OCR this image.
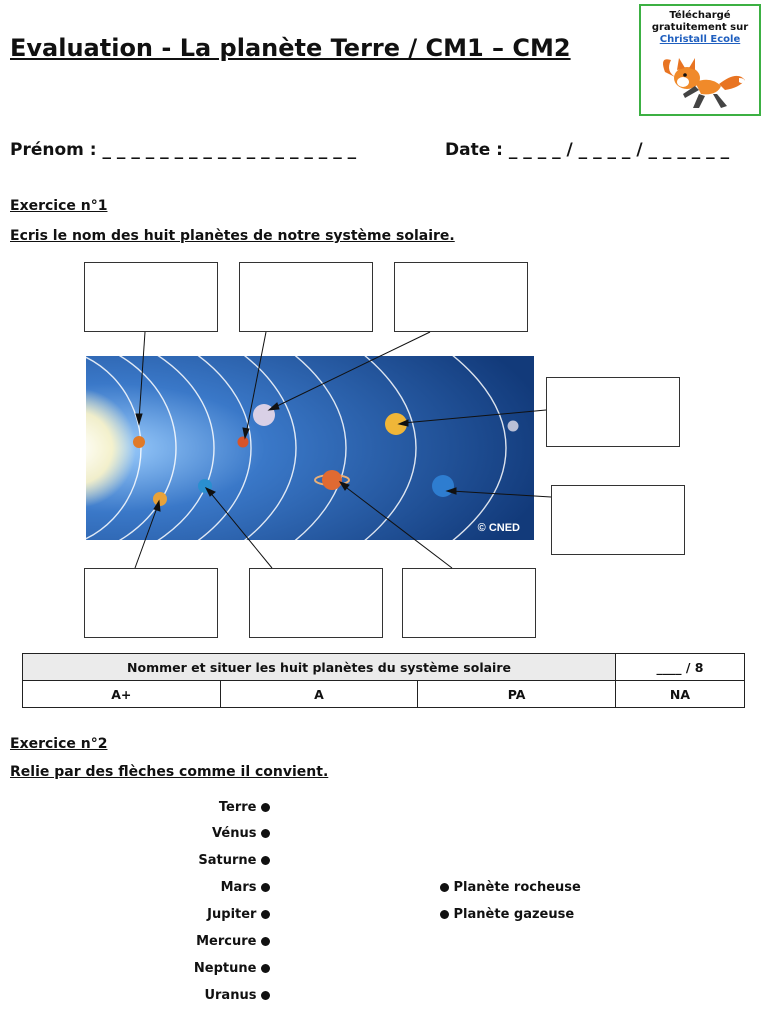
Evaluation - La planète Terre / CM1 – CM2
Téléchargé
gratuitement sur
Christall Ecole
Prénom : _ _ _ _ _ _ _ _ _ _ _ _ _ _ _ _ _ _	Date : _ _ _ _ / _ _ _ _ / _ _ _ _ _ _
Exercice n°1
Ecris le nom des huit planètes de notre système solaire.
© CNED
Nommer et situer les huit planètes du système solaire			____ / 8
A+	A	PA	NA
Exercice n°2
Relie par des flèches comme il convient.
Terre
Vénus
Saturne
Mars
Jupiter
Mercure
Neptune
Uranus
Planète rocheuse
Planète gazeuse
